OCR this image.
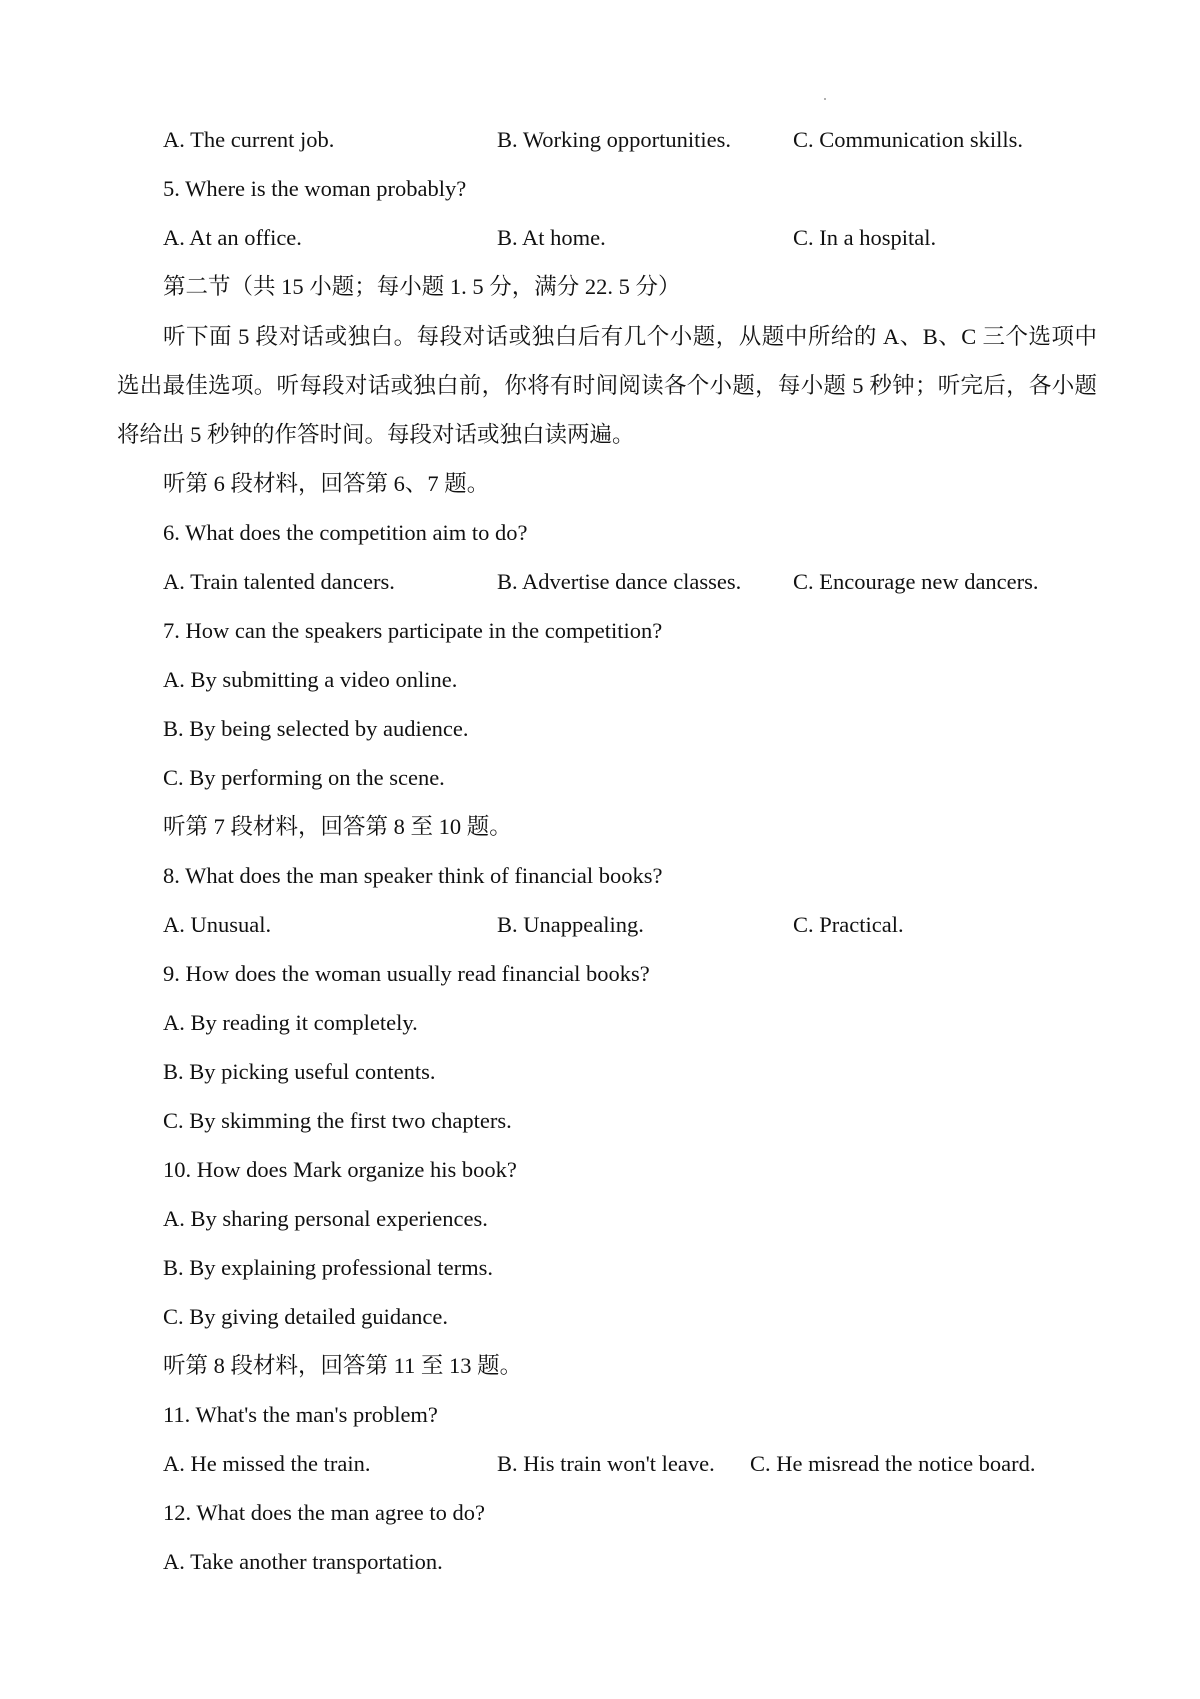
A. The current job.	B. Working opportunities.	C. Communication skills.
5. Where is the woman probably?
A. At an office.	B. At home.	C. In a hospital.
第二节（共 15 小题；每小题 1. 5 分，满分 22. 5 分）
听下面 5 段对话或独白。每段对话或独白后有几个小题，从题中所给的 A、B、C 三个选项中选出最佳选项。听每段对话或独白前，你将有时间阅读各个小题，每小题 5 秒钟；听完后，各小题将给出 5 秒钟的作答时间。每段对话或独白读两遍。
听第 6 段材料，回答第 6、7 题。
6. What does the competition aim to do?
A. Train talented dancers.	B. Advertise dance classes. C. Encourage new dancers.
7. How can the speakers participate in the competition?
A. By submitting a video online.
B. By being selected by audience.
C. By performing on the scene.
听第 7 段材料，回答第 8 至 10 题。
8. What does the man speaker think of financial books?
A. Unusual.	B. Unappealing.	C. Practical.
9. How does the woman usually read financial books?
A. By reading it completely.
B. By picking useful contents.
C. By skimming the first two chapters.
10. How does Mark organize his book?
A. By sharing personal experiences.
B. By explaining professional terms.
C. By giving detailed guidance.
听第 8 段材料，回答第 11 至 13 题。
11. What's the man's problem?
A. He missed the train.	B. His train won't leave. C. He misread the notice board.
12. What does the man agree to do?
A. Take another transportation.
